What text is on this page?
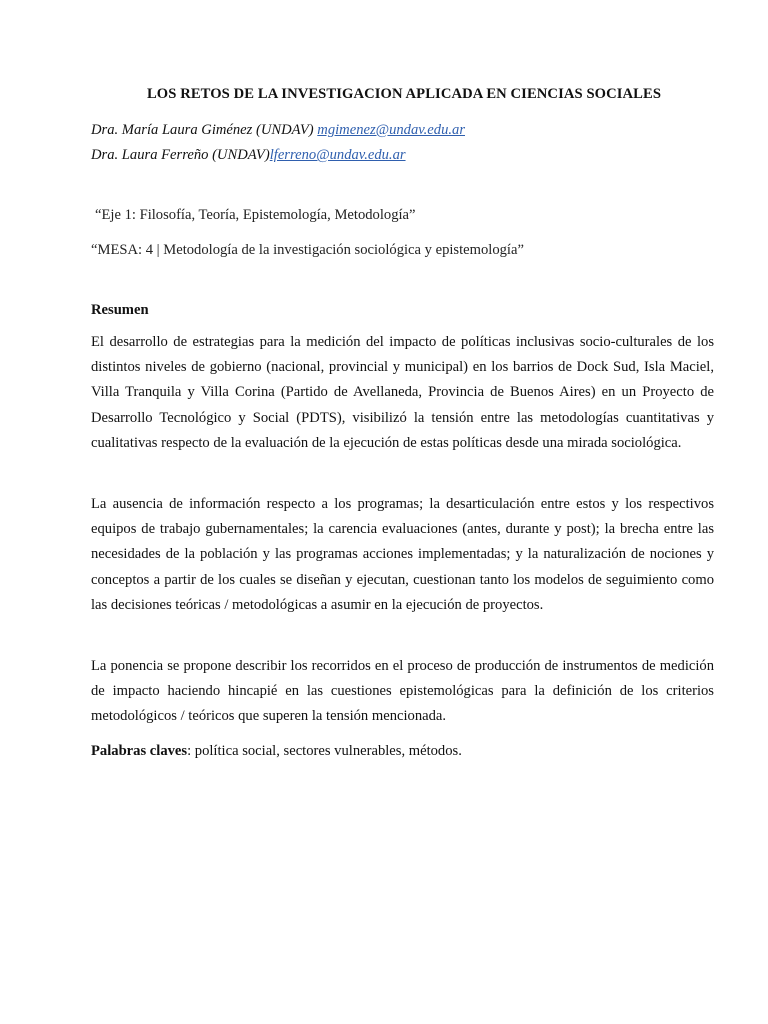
LOS RETOS DE LA INVESTIGACION APLICADA EN CIENCIAS SOCIALES
Dra. María Laura Giménez (UNDAV) mgimenez@undav.edu.ar
Dra. Laura Ferreño (UNDAV)lferreno@undav.edu.ar
“Eje 1: Filosofía, Teoría, Epistemología, Metodología”
“MESA: 4 | Metodología de la investigación sociológica y epistemología”
Resumen
El desarrollo de estrategias para la medición del impacto de políticas inclusivas socio-culturales de los distintos niveles de gobierno (nacional, provincial y municipal) en los barrios de Dock Sud, Isla Maciel, Villa Tranquila y Villa Corina (Partido de Avellaneda, Provincia de Buenos Aires) en un Proyecto de Desarrollo Tecnológico y Social (PDTS), visibilizó la tensión entre las metodologías cuantitativas y cualitativas respecto de la evaluación de la ejecución de estas políticas desde una mirada sociológica.
La ausencia de información respecto a los programas; la desarticulación entre estos y los respectivos equipos de trabajo gubernamentales; la carencia evaluaciones (antes, durante y post); la brecha entre las necesidades de la población y las programas acciones implementadas; y la naturalización de nociones y conceptos a partir de los cuales se diseñan y ejecutan, cuestionan tanto los modelos de seguimiento como las decisiones teóricas / metodológicas a asumir en la ejecución de proyectos.
La ponencia se propone describir los recorridos en el proceso de producción de instrumentos de medición de impacto haciendo hincapié en las cuestiones epistemológicas para la definición de los criterios metodológicos / teóricos que superen la tensión mencionada.
Palabras claves: política social, sectores vulnerables, métodos.
